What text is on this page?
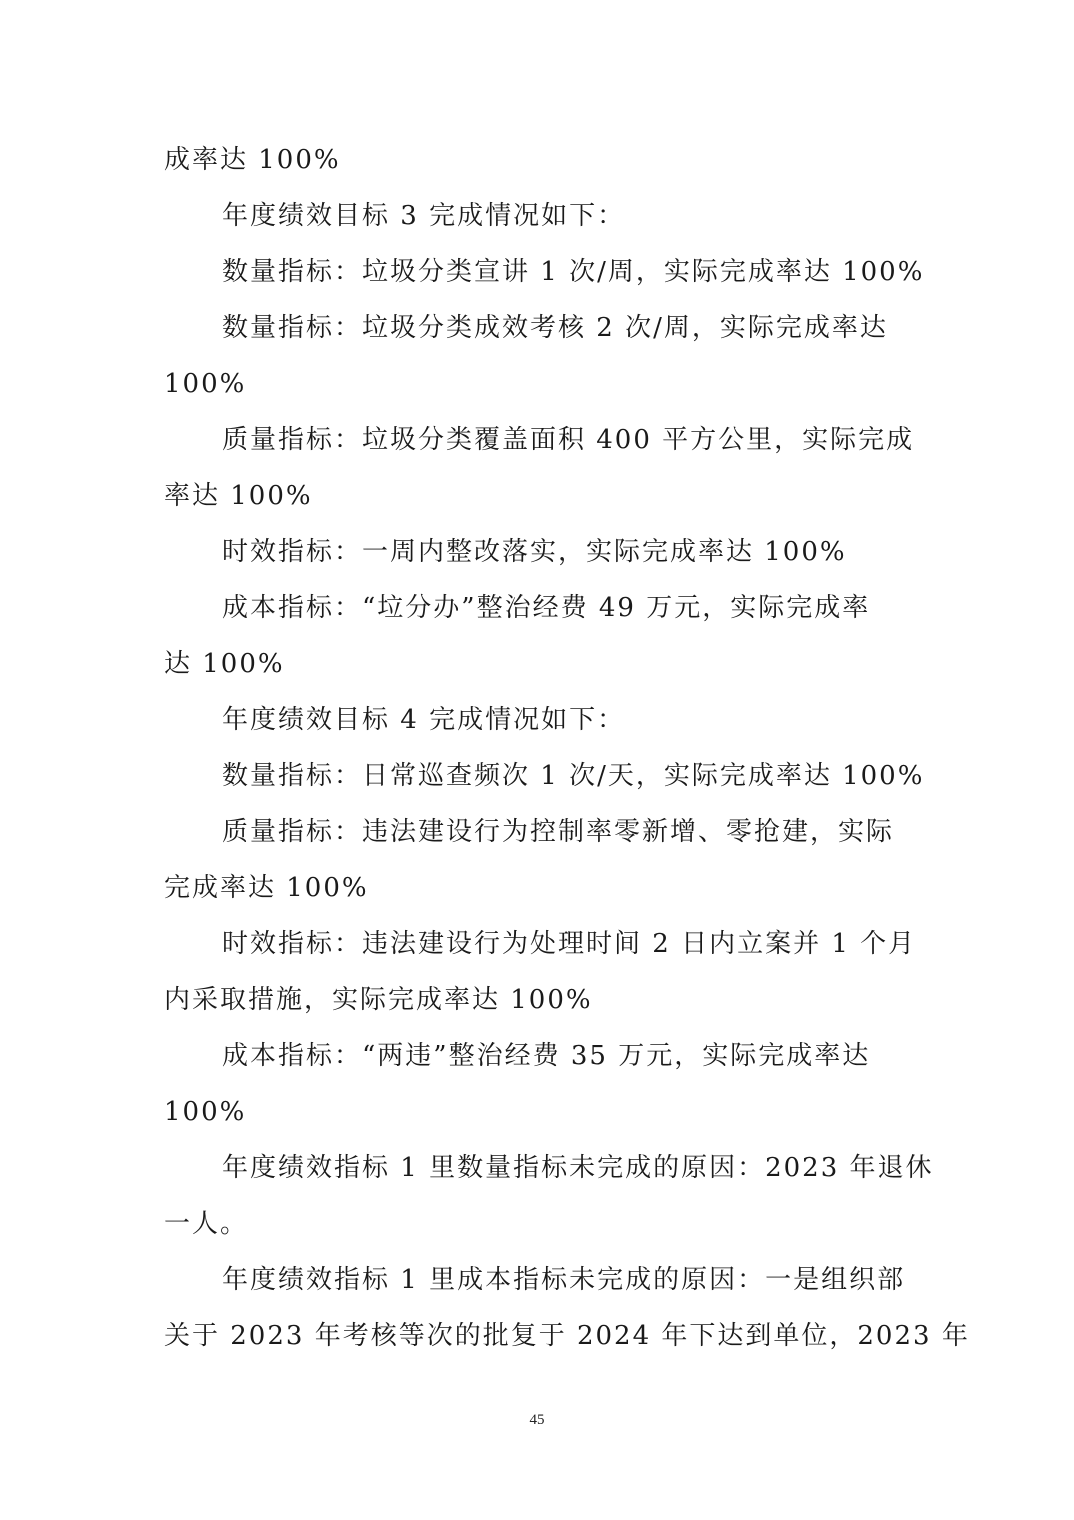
成率达 100%
年度绩效目标 3 完成情况如下：
数量指标：垃圾分类宣讲 1 次/周，实际完成率达 100%
数量指标：垃圾分类成效考核 2 次/周，实际完成率达
100%
质量指标：垃圾分类覆盖面积 400 平方公里，实际完成
率达 100%
时效指标：一周内整改落实，实际完成率达 100%
成本指标：“垃分办”整治经费 49 万元，实际完成率
达 100%
年度绩效目标 4 完成情况如下：
数量指标：日常巡查频次 1 次/天，实际完成率达 100%
质量指标：违法建设行为控制率零新增、零抢建，实际
完成率达 100%
时效指标：违法建设行为处理时间 2 日内立案并 1 个月
内采取措施，实际完成率达 100%
成本指标：“两违”整治经费 35 万元，实际完成率达
100%
年度绩效指标 1 里数量指标未完成的原因：2023 年退休
一人。
年度绩效指标 1 里成本指标未完成的原因：一是组织部
关于 2023 年考核等次的批复于 2024 年下达到单位，2023 年
45
